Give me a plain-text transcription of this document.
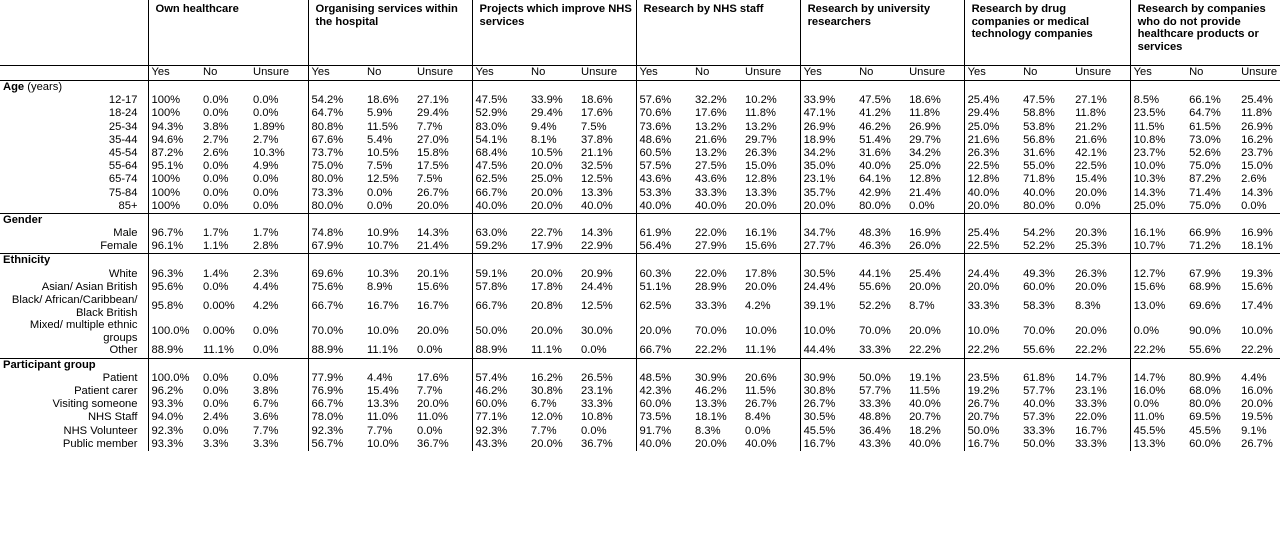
	Own healthcare			Organising services within the hospital			Projects which improve NHS services			Research by NHS staff			Research by university researchers			Research by drug companies or medical technology companies			Research by companies who do not provide healthcare products or services		
	Yes	No	Unsure	Yes	No	Unsure	Yes	No	Unsure	Yes	No	Unsure	Yes	No	Unsure	Yes	No	Unsure	Yes	No	Unsure
Age (years)																					
12-17	100%	0.0%	0.0%	54.2%	18.6%	27.1%	47.5%	33.9%	18.6%	57.6%	32.2%	10.2%	33.9%	47.5%	18.6%	25.4%	47.5%	27.1%	8.5%	66.1%	25.4%
18-24	100%	0.0%	0.0%	64.7%	5.9%	29.4%	52.9%	29.4%	17.6%	70.6%	17.6%	11.8%	47.1%	41.2%	11.8%	29.4%	58.8%	11.8%	23.5%	64.7%	11.8%
25-34	94.3%	3.8%	1.89%	80.8%	11.5%	7.7%	83.0%	9.4%	7.5%	73.6%	13.2%	13.2%	26.9%	46.2%	26.9%	25.0%	53.8%	21.2%	11.5%	61.5%	26.9%
35-44	94.6%	2.7%	2.7%	67.6%	5.4%	27.0%	54.1%	8.1%	37.8%	48.6%	21.6%	29.7%	18.9%	51.4%	29.7%	21.6%	56.8%	21.6%	10.8%	73.0%	16.2%
45-54	87.2%	2.6%	10.3%	73.7%	10.5%	15.8%	68.4%	10.5%	21.1%	60.5%	13.2%	26.3%	34.2%	31.6%	34.2%	26.3%	31.6%	42.1%	23.7%	52.6%	23.7%
55-64	95.1%	0.0%	4.9%	75.0%	7.5%	17.5%	47.5%	20.0%	32.5%	57.5%	27.5%	15.0%	35.0%	40.0%	25.0%	22.5%	55.0%	22.5%	10.0%	75.0%	15.0%
65-74	100%	0.0%	0.0%	80.0%	12.5%	7.5%	62.5%	25.0%	12.5%	43.6%	43.6%	12.8%	23.1%	64.1%	12.8%	12.8%	71.8%	15.4%	10.3%	87.2%	2.6%
75-84	100%	0.0%	0.0%	73.3%	0.0%	26.7%	66.7%	20.0%	13.3%	53.3%	33.3%	13.3%	35.7%	42.9%	21.4%	40.0%	40.0%	20.0%	14.3%	71.4%	14.3%
85+	100%	0.0%	0.0%	80.0%	0.0%	20.0%	40.0%	20.0%	40.0%	40.0%	40.0%	20.0%	20.0%	80.0%	0.0%	20.0%	80.0%	0.0%	25.0%	75.0%	0.0%
Gender																					
Male	96.7%	1.7%	1.7%	74.8%	10.9%	14.3%	63.0%	22.7%	14.3%	61.9%	22.0%	16.1%	34.7%	48.3%	16.9%	25.4%	54.2%	20.3%	16.1%	66.9%	16.9%
Female	96.1%	1.1%	2.8%	67.9%	10.7%	21.4%	59.2%	17.9%	22.9%	56.4%	27.9%	15.6%	27.7%	46.3%	26.0%	22.5%	52.2%	25.3%	10.7%	71.2%	18.1%
Ethnicity																					
White	96.3%	1.4%	2.3%	69.6%	10.3%	20.1%	59.1%	20.0%	20.9%	60.3%	22.0%	17.8%	30.5%	44.1%	25.4%	24.4%	49.3%	26.3%	12.7%	67.9%	19.3%
Asian/ Asian British	95.6%	0.0%	4.4%	75.6%	8.9%	15.6%	57.8%	17.8%	24.4%	51.1%	28.9%	20.0%	24.4%	55.6%	20.0%	20.0%	60.0%	20.0%	15.6%	68.9%	15.6%
Black/ African/Caribbean/ Black British	95.8%	0.00%	4.2%	66.7%	16.7%	16.7%	66.7%	20.8%	12.5%	62.5%	33.3%	4.2%	39.1%	52.2%	8.7%	33.3%	58.3%	8.3%	13.0%	69.6%	17.4%
Mixed/ multiple ethnic groups	100.0%	0.00%	0.0%	70.0%	10.0%	20.0%	50.0%	20.0%	30.0%	20.0%	70.0%	10.0%	10.0%	70.0%	20.0%	10.0%	70.0%	20.0%	0.0%	90.0%	10.0%
Other	88.9%	11.1%	0.0%	88.9%	11.1%	0.0%	88.9%	11.1%	0.0%	66.7%	22.2%	11.1%	44.4%	33.3%	22.2%	22.2%	55.6%	22.2%	22.2%	55.6%	22.2%
Participant group																					
Patient	100.0%	0.0%	0.0%	77.9%	4.4%	17.6%	57.4%	16.2%	26.5%	48.5%	30.9%	20.6%	30.9%	50.0%	19.1%	23.5%	61.8%	14.7%	14.7%	80.9%	4.4%
Patient carer	96.2%	0.0%	3.8%	76.9%	15.4%	7.7%	46.2%	30.8%	23.1%	42.3%	46.2%	11.5%	30.8%	57.7%	11.5%	19.2%	57.7%	23.1%	16.0%	68.0%	16.0%
Visiting someone	93.3%	0.0%	6.7%	66.7%	13.3%	20.0%	60.0%	6.7%	33.3%	60.0%	13.3%	26.7%	26.7%	33.3%	40.0%	26.7%	40.0%	33.3%	0.0%	80.0%	20.0%
NHS Staff	94.0%	2.4%	3.6%	78.0%	11.0%	11.0%	77.1%	12.0%	10.8%	73.5%	18.1%	8.4%	30.5%	48.8%	20.7%	20.7%	57.3%	22.0%	11.0%	69.5%	19.5%
NHS Volunteer	92.3%	0.0%	7.7%	92.3%	7.7%	0.0%	92.3%	7.7%	0.0%	91.7%	8.3%	0.0%	45.5%	36.4%	18.2%	50.0%	33.3%	16.7%	45.5%	45.5%	9.1%
Public member	93.3%	3.3%	3.3%	56.7%	10.0%	36.7%	43.3%	20.0%	36.7%	40.0%	20.0%	40.0%	16.7%	43.3%	40.0%	16.7%	50.0%	33.3%	13.3%	60.0%	26.7%
